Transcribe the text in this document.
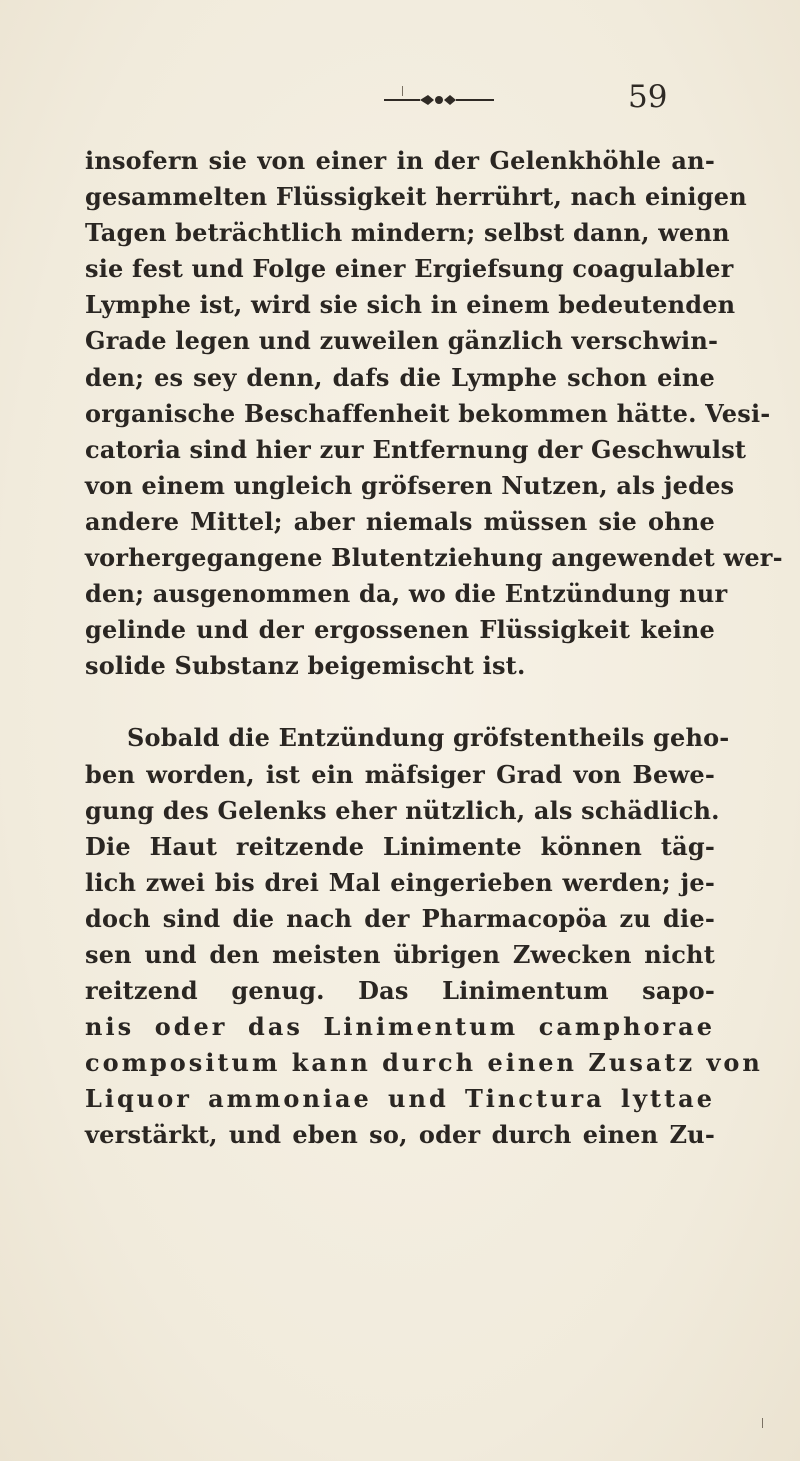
59
insofern sie von einer in der Gelenkhöhle an-
gesammelten Flüssigkeit herrührt, nach einigen
Tagen beträchtlich mindern; selbst dann, wenn
sie fest und Folge einer Ergiefsung coagulabler
Lymphe ist, wird sie sich in einem bedeutenden
Grade legen und zuweilen gänzlich verschwin-
den; es sey denn, dafs die Lymphe schon eine
organische Beschaffenheit bekommen hätte. Vesi-
catoria sind hier zur Entfernung der Geschwulst
von einem ungleich gröfseren Nutzen, als jedes
andere Mittel; aber niemals müssen sie ohne
vorhergegangene Blutentziehung angewendet wer-
den; ausgenommen da, wo die Entzündung nur
gelinde und der ergossenen Flüssigkeit keine
solide Substanz beigemischt ist.
Sobald die Entzündung gröfstentheils geho-
ben worden, ist ein mäfsiger Grad von Bewe-
gung des Gelenks eher nützlich, als schädlich.
Die Haut reitzende Linimente können täg-
lich zwei bis drei Mal eingerieben werden; je-
doch sind die nach der Pharmacopöa zu die-
sen und den meisten übrigen Zwecken nicht
reitzend genug. Das Linimentum sapo-
nis oder das Linimentum camphorae
compositum kann durch einen Zusatz von
Liquor ammoniae und Tinctura lyttae
verstärkt, und eben so, oder durch einen Zu-
